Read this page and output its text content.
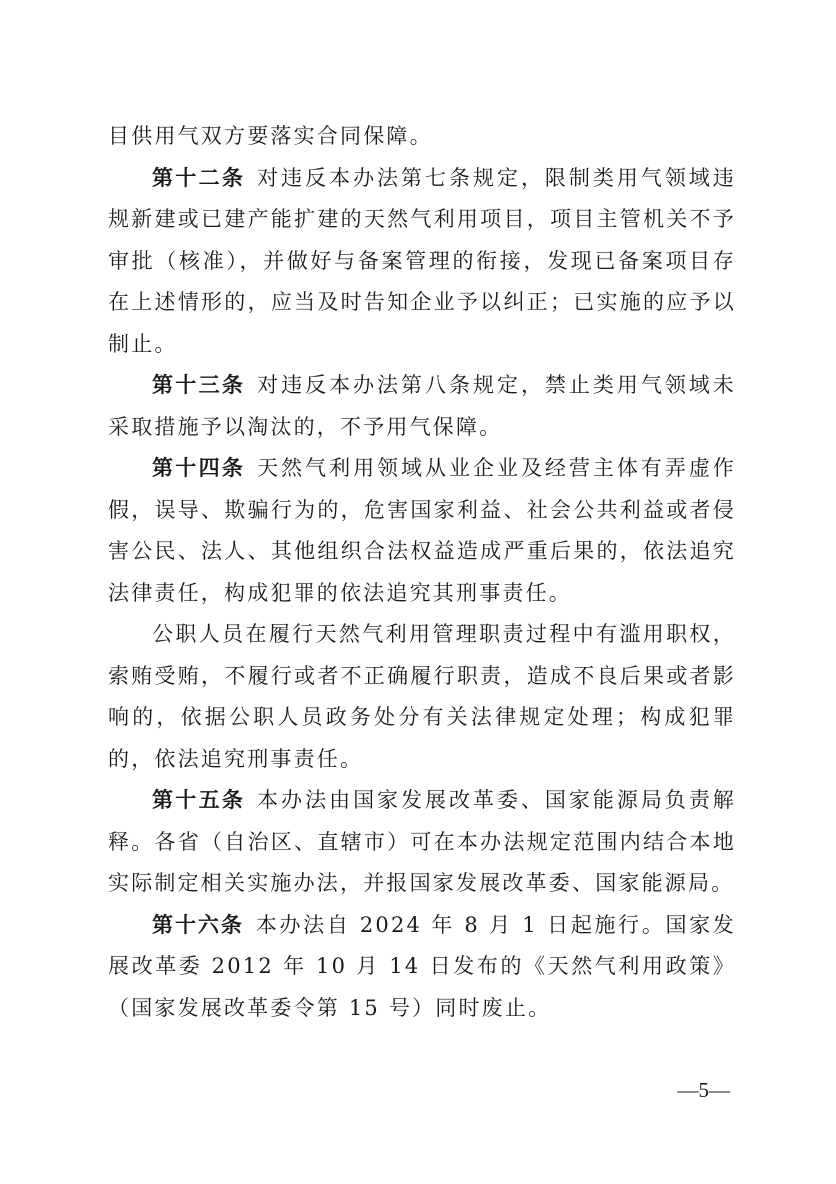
目供用气双方要落实合同保障。

第十二条 对违反本办法第七条规定，限制类用气领域违规新建或已建产能扩建的天然气利用项目，项目主管机关不予审批（核准），并做好与备案管理的衔接，发现已备案项目存在上述情形的，应当及时告知企业予以纠正；已实施的应予以制止。

第十三条 对违反本办法第八条规定，禁止类用气领域未采取措施予以淘汰的，不予用气保障。

第十四条 天然气利用领域从业企业及经营主体有弄虚作假，误导、欺骗行为的，危害国家利益、社会公共利益或者侵害公民、法人、其他组织合法权益造成严重后果的，依法追究法律责任，构成犯罪的依法追究其刑事责任。

公职人员在履行天然气利用管理职责过程中有滥用职权，索贿受贿，不履行或者不正确履行职责，造成不良后果或者影响的，依据公职人员政务处分有关法律规定处理；构成犯罪的，依法追究刑事责任。

第十五条 本办法由国家发展改革委、国家能源局负责解释。各省（自治区、直辖市）可在本办法规定范围内结合本地实际制定相关实施办法，并报国家发展改革委、国家能源局。

第十六条 本办法自 2024 年 8 月 1 日起施行。国家发展改革委 2012 年 10 月 14 日发布的《天然气利用政策》（国家发展改革委令第 15 号）同时废止。

—5—
